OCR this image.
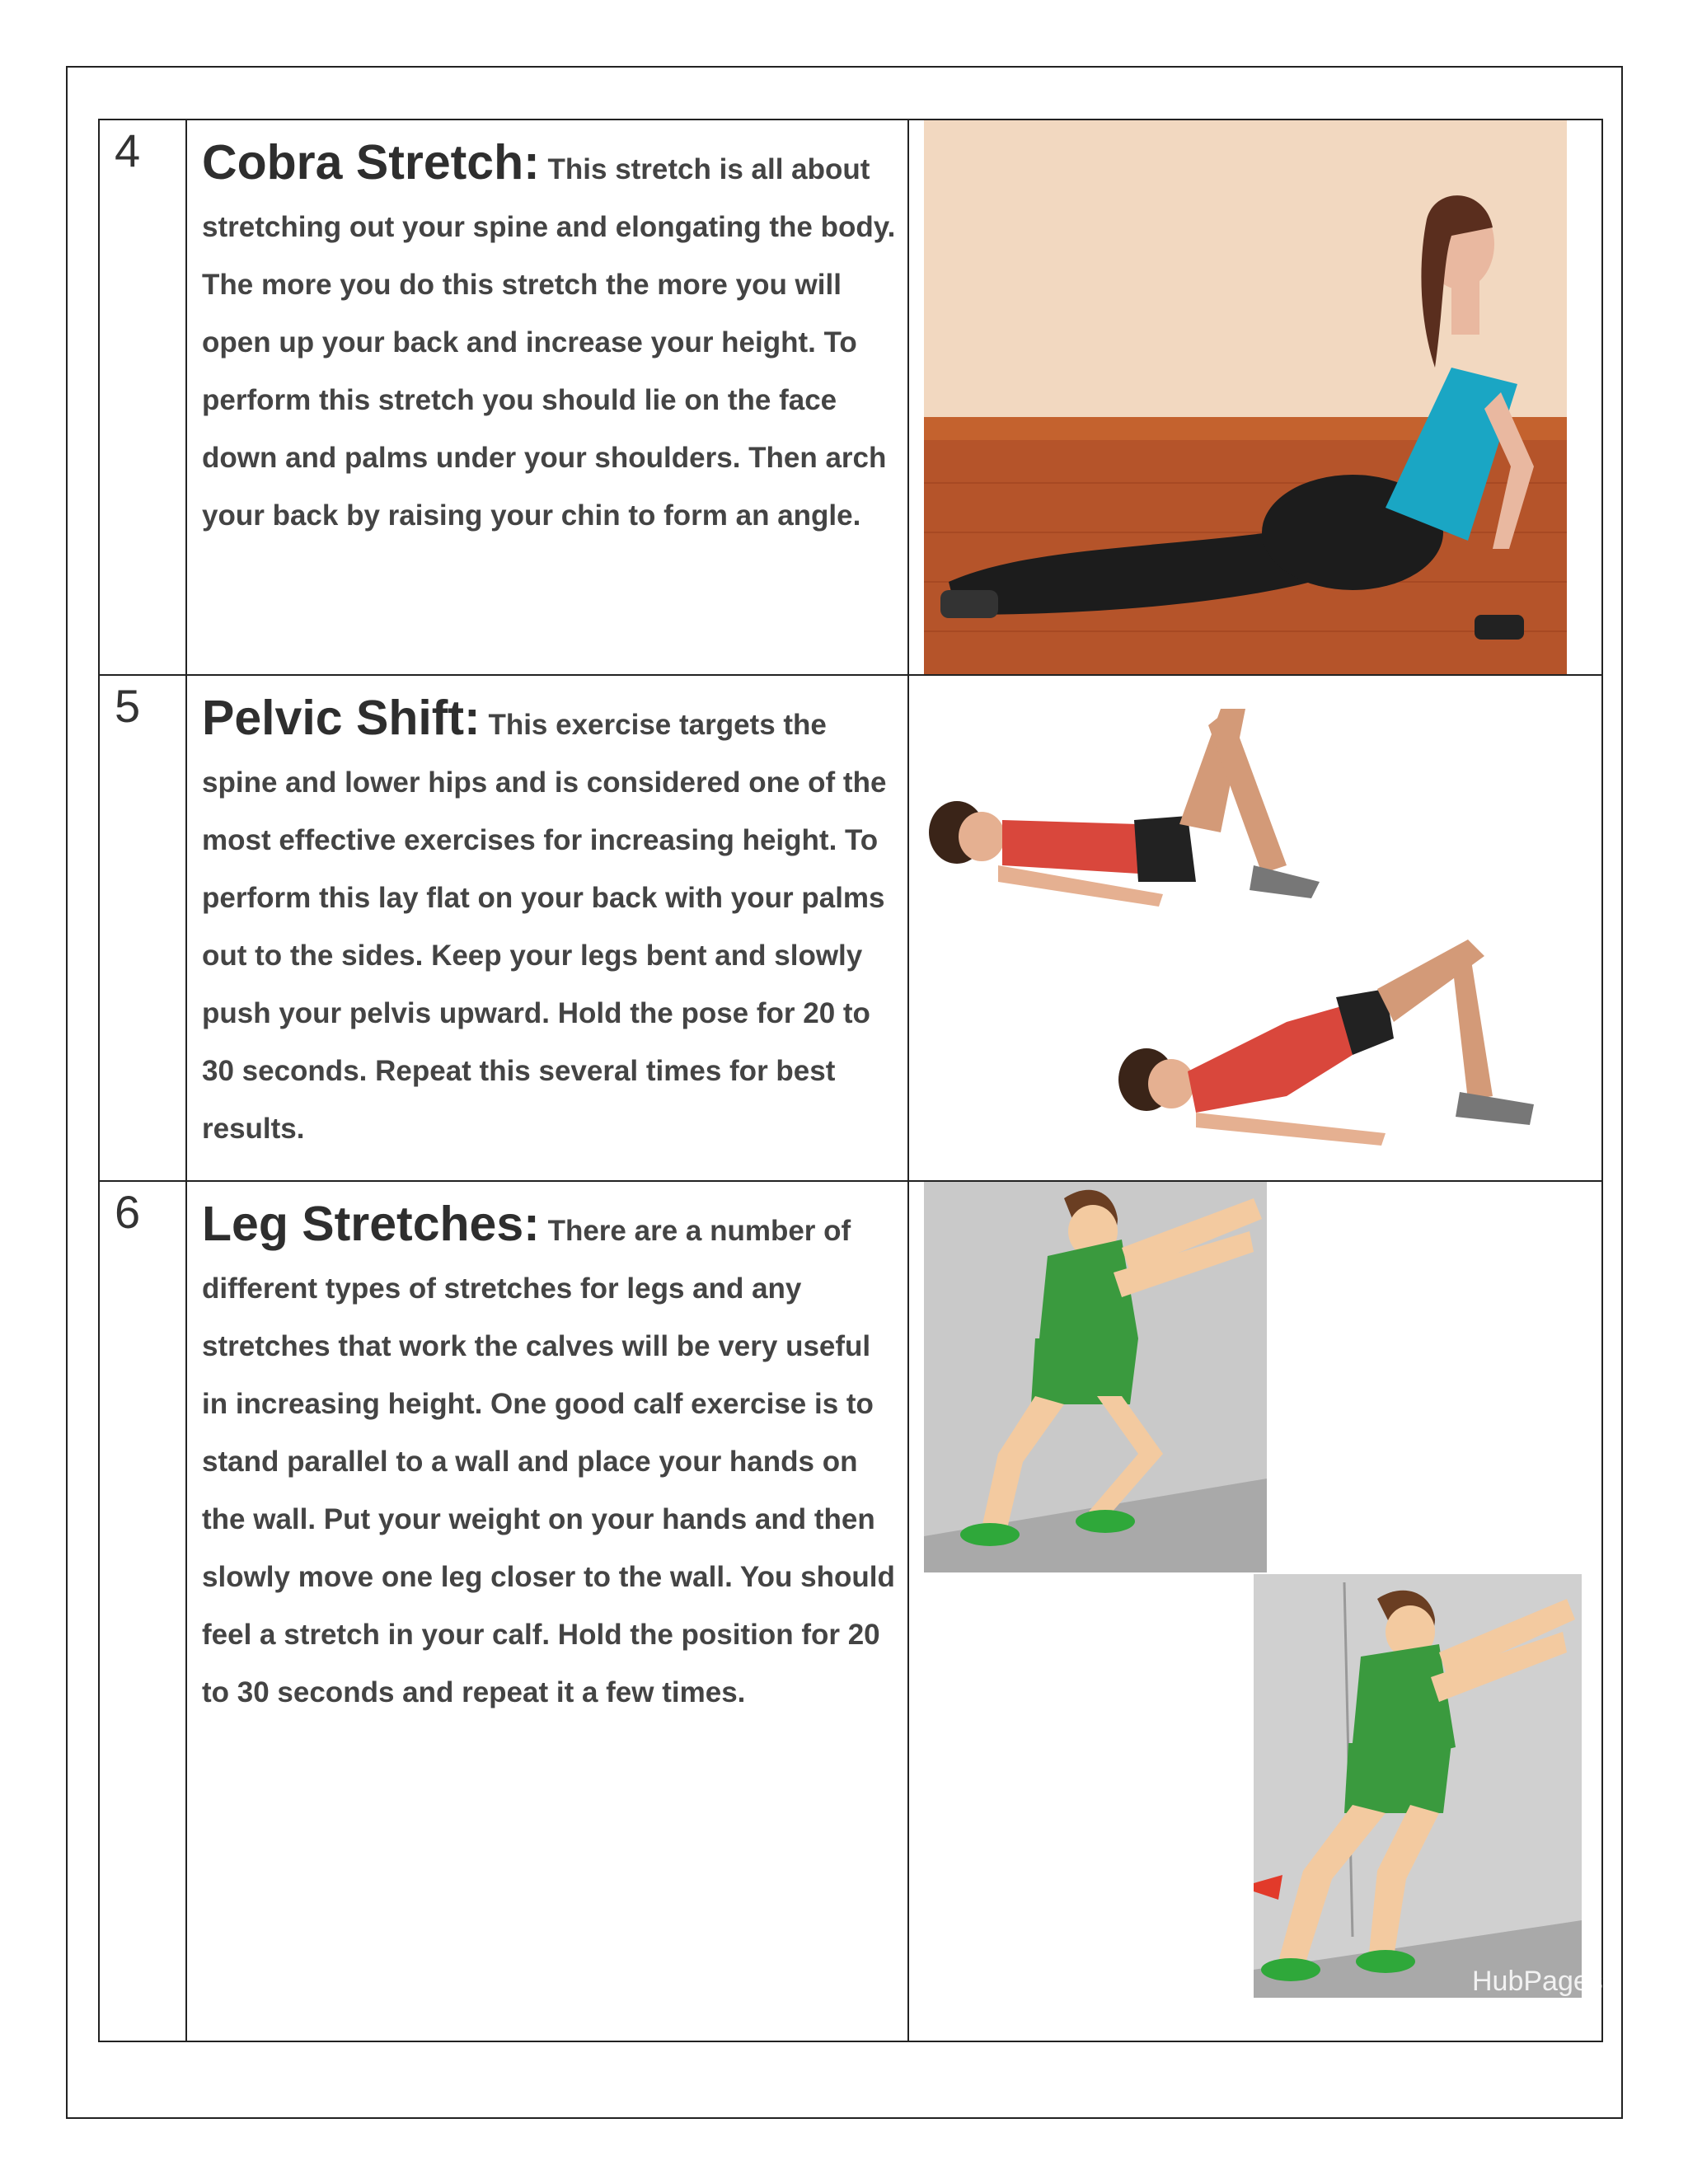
4 Cobra Stretch: This stretch is all about stretching out your spine and elongating the body. The more you do this stretch the more you will open up your back and increase your height. To perform this stretch you should lie on the face down and palms under your shoulders. Then arch your back by raising your chin to form an angle.
5 Pelvic Shift: This exercise targets the spine and lower hips and is considered one of the most effective exercises for increasing height. To perform this lay flat on your back with your palms out to the sides. Keep your legs bent and slowly push your pelvis upward. Hold the pose for 20 to 30 seconds. Repeat this several times for best results.
6 Leg Stretches: There are a number of different types of stretches for legs and any stretches that work the calves will be very useful in increasing height. One good calf exercise is to stand parallel to a wall and place your hands on the wall. Put your weight on your hands and then slowly move one leg closer to the wall. You should feel a stretch in your calf. Hold the position for 20 to 30 seconds and repeat it a few times.
HubPages
